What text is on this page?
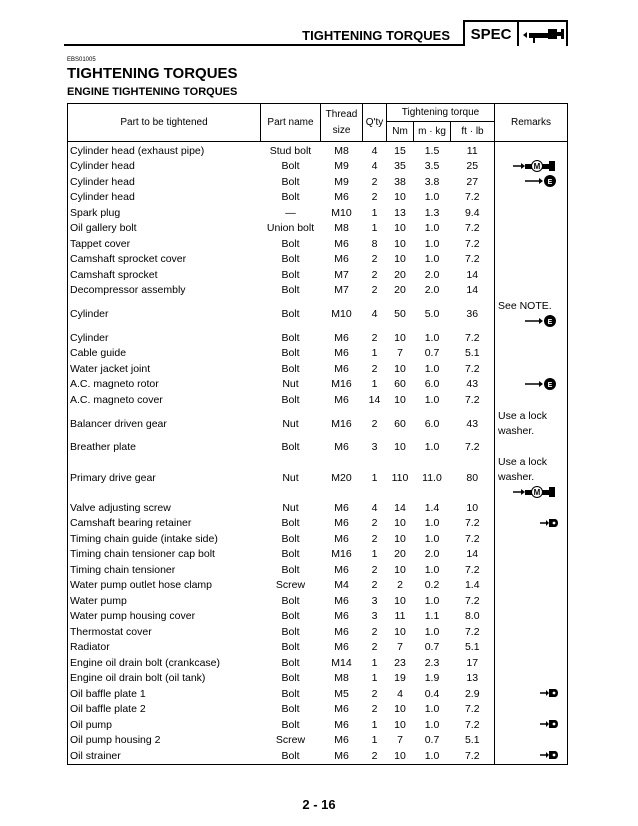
TIGHTENING TORQUES	SPEC
EBS01005
TIGHTENING TORQUES
ENGINE TIGHTENING TORQUES
Part to be tightened	Part name	Thread size	Q'ty	Tightening torque			Remarks
				Nm	m · kg	ft · lb	
Cylinder head (exhaust pipe)	Stud bolt	M8	4	15	1.5	11	
Cylinder head	Bolt	M9	4	35	3.5	25	M

Cylinder head	Bolt	M9	2	38	3.8	27	E

Cylinder head	Bolt	M6	2	10	1.0	7.2	
Spark plug	—	M10	1	13	1.3	9.4	
Oil gallery bolt	Union bolt	M8	1	10	1.0	7.2	
Tappet cover	Bolt	M6	8	10	1.0	7.2	
Camshaft sprocket cover	Bolt	M6	2	10	1.0	7.2	
Camshaft sprocket	Bolt	M7	2	20	2.0	14	
Decompressor assembly	Bolt	M7	2	20	2.0	14	
Cylinder	Bolt	M10	4	50	5.0	36	See NOTE.
E

Cylinder	Bolt	M6	2	10	1.0	7.2	
Cable guide	Bolt	M6	1	7	0.7	5.1	
Water jacket joint	Bolt	M6	2	10	1.0	7.2	
A.C. magneto rotor	Nut	M16	1	60	6.0	43	E

A.C. magneto cover	Bolt	M6	14	10	1.0	7.2	
Balancer driven gear	Nut	M16	2	60	6.0	43	Use a lock washer.

Breather plate	Bolt	M6	3	10	1.0	7.2	
Primary drive gear	Nut	M20	1	110	11.0	80	Use a lock washer.
M

Valve adjusting screw	Nut	M6	4	14	1.4	10	
Camshaft bearing retainer	Bolt	M6	2	10	1.0	7.2	

Timing chain guide (intake side)	Bolt	M6	2	10	1.0	7.2	
Timing chain tensioner cap bolt	Bolt	M16	1	20	2.0	14	
Timing chain tensioner	Bolt	M6	2	10	1.0	7.2	
Water pump outlet hose clamp	Screw	M4	2	2	0.2	1.4	
Water pump	Bolt	M6	3	10	1.0	7.2	
Water pump housing cover	Bolt	M6	3	11	1.1	8.0	
Thermostat cover	Bolt	M6	2	10	1.0	7.2	
Radiator	Bolt	M6	2	7	0.7	5.1	
Engine oil drain bolt (crankcase)	Bolt	M14	1	23	2.3	17	
Engine oil drain bolt (oil tank)	Bolt	M8	1	19	1.9	13	
Oil baffle plate 1	Bolt	M5	2	4	0.4	2.9	

Oil baffle plate 2	Bolt	M6	2	10	1.0	7.2	
Oil pump	Bolt	M6	1	10	1.0	7.2	

Oil pump housing 2	Screw	M6	1	7	0.7	5.1	
Oil strainer	Bolt	M6	2	10	1.0	7.2	
2 - 16
